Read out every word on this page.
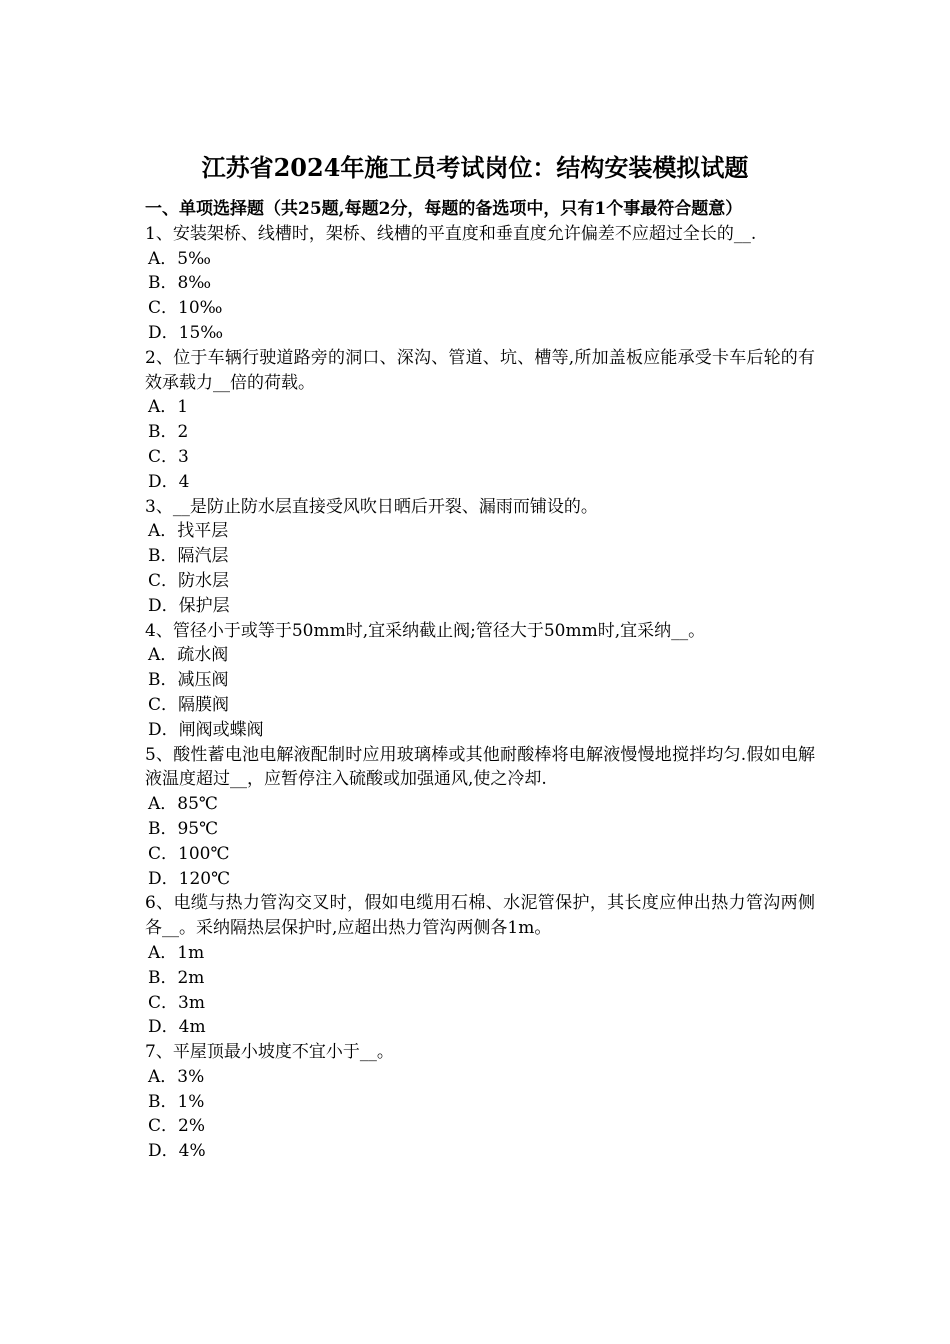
江苏省2024年施工员考试岗位：结构安装模拟试题

一、单项选择题（共25题,每题2分，每题的备选项中，只有1个事最符合题意）

1、安装架桥、线槽时，架桥、线槽的平直度和垂直度允许偏差不应超过全长的__.

A．5‰

B．8‰

C．10‰

D．15‰

2、位于车辆行驶道路旁的洞口、深沟、管道、坑、槽等,所加盖板应能承受卡车后轮的有效承载力__倍的荷载。

A．1

B．2

C．3

D．4

3、__是防止防水层直接受风吹日晒后开裂、漏雨而铺设的。

A．找平层

B．隔汽层

C．防水层

D．保护层

4、管径小于或等于50mm时,宜采纳截止阀;管径大于50mm时,宜采纳__。

A．疏水阀

B．减压阀

C．隔膜阀

D．闸阀或蝶阀

5、酸性蓄电池电解液配制时应用玻璃棒或其他耐酸棒将电解液慢慢地搅拌均匀.假如电解液温度超过__，应暂停注入硫酸或加强通风,使之冷却.

A．85℃

B．95℃

C．100℃

D．120℃

6、电缆与热力管沟交叉时，假如电缆用石棉、水泥管保护，其长度应伸出热力管沟两侧各__。采纳隔热层保护时,应超出热力管沟两侧各1m。

A．1m

B．2m

C．3m

D．4m

7、平屋顶最小坡度不宜小于__。

A．3%

B．1%

C．2%

D．4%
